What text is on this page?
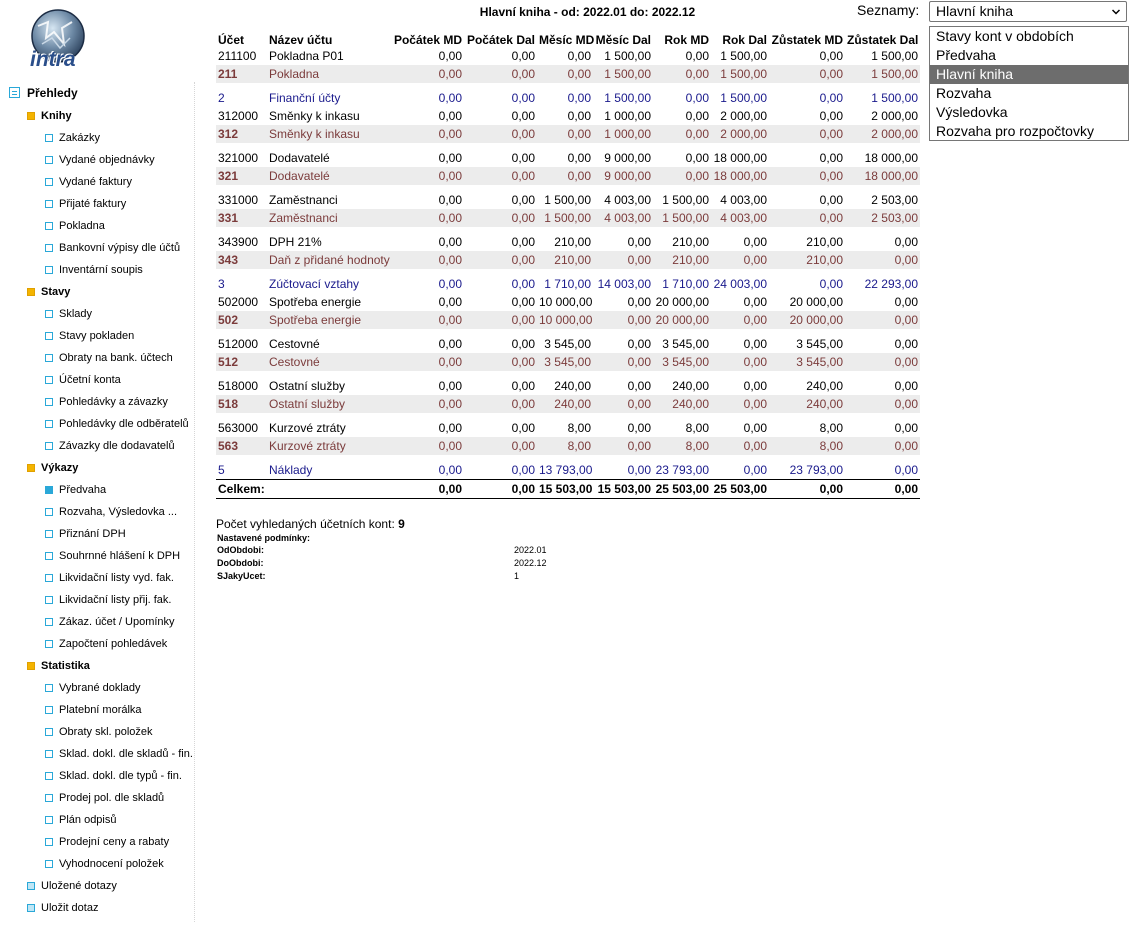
intra
Přehledy
Knihy
Zakázky
Vydané objednávky
Vydané faktury
Přijaté faktury
Pokladna
Bankovní výpisy dle účtů
Inventární soupis
Stavy
Sklady
Stavy pokladen
Obraty na bank. účtech
Účetní konta
Pohledávky a závazky
Pohledávky dle odběratelů
Závazky dle dodavatelů
Výkazy
Předvaha
Rozvaha, Výsledovka ...
Přiznání DPH
Souhrnné hlášení k DPH
Likvidační listy vyd. fak.
Likvidační listy přij. fak.
Zákaz. účet / Upomínky
Započtení pohledávek
Statistika
Vybrané doklady
Platební morálka
Obraty skl. položek
Sklad. dokl. dle skladů - fin.
Sklad. dokl. dle typů - fin.
Prodej pol. dle skladů
Plán odpisů
Prodejní ceny a rabaty
Vyhodnocení položek
Uložené dotazy
Uložit dotaz
Hlavní kniha - od: 2022.01 do: 2022.12	Seznamy:	Hlavní kniha
Stavy kont v obdobích
Předvaha
Hlavní kniha
Rozvaha
Výsledovka
Rozvaha pro rozpočtovky
Účet	Název účtu	Počátek MD	Počátek Dal	Měsíc MD	Měsíc Dal	Rok MD	Rok Dal	Zůstatek MD	Zůstatek Dal
211100	Pokladna P01	0,00	0,00	0,00	1 500,00	0,00	1 500,00	0,00	1 500,00
211	Pokladna	0,00	0,00	0,00	1 500,00	0,00	1 500,00	0,00	1 500,00

2	Finanční účty	0,00	0,00	0,00	1 500,00	0,00	1 500,00	0,00	1 500,00
312000	Směnky k inkasu	0,00	0,00	0,00	1 000,00	0,00	2 000,00	0,00	2 000,00
312	Směnky k inkasu	0,00	0,00	0,00	1 000,00	0,00	2 000,00	0,00	2 000,00

321000	Dodavatelé	0,00	0,00	0,00	9 000,00	0,00	18 000,00	0,00	18 000,00
321	Dodavatelé	0,00	0,00	0,00	9 000,00	0,00	18 000,00	0,00	18 000,00

331000	Zaměstnanci	0,00	0,00	1 500,00	4 003,00	1 500,00	4 003,00	0,00	2 503,00
331	Zaměstnanci	0,00	0,00	1 500,00	4 003,00	1 500,00	4 003,00	0,00	2 503,00

343900	DPH 21%	0,00	0,00	210,00	0,00	210,00	0,00	210,00	0,00
343	Daň z přidané hodnoty	0,00	0,00	210,00	0,00	210,00	0,00	210,00	0,00

3	Zúčtovací vztahy	0,00	0,00	1 710,00	14 003,00	1 710,00	24 003,00	0,00	22 293,00
502000	Spotřeba energie	0,00	0,00	10 000,00	0,00	20 000,00	0,00	20 000,00	0,00
502	Spotřeba energie	0,00	0,00	10 000,00	0,00	20 000,00	0,00	20 000,00	0,00

512000	Cestovné	0,00	0,00	3 545,00	0,00	3 545,00	0,00	3 545,00	0,00
512	Cestovné	0,00	0,00	3 545,00	0,00	3 545,00	0,00	3 545,00	0,00

518000	Ostatní služby	0,00	0,00	240,00	0,00	240,00	0,00	240,00	0,00
518	Ostatní služby	0,00	0,00	240,00	0,00	240,00	0,00	240,00	0,00

563000	Kurzové ztráty	0,00	0,00	8,00	0,00	8,00	0,00	8,00	0,00
563	Kurzové ztráty	0,00	0,00	8,00	0,00	8,00	0,00	8,00	0,00

5	Náklady	0,00	0,00	13 793,00	0,00	23 793,00	0,00	23 793,00	0,00
Celkem:		0,00	0,00	15 503,00	15 503,00	25 503,00	25 503,00	0,00	0,00
Počet vyhledaných účetních kont: 9
Nastavené podmínky:
OdObdobi:	2022.01
DoObdobi:	2022.12
SJakyUcet:	1
